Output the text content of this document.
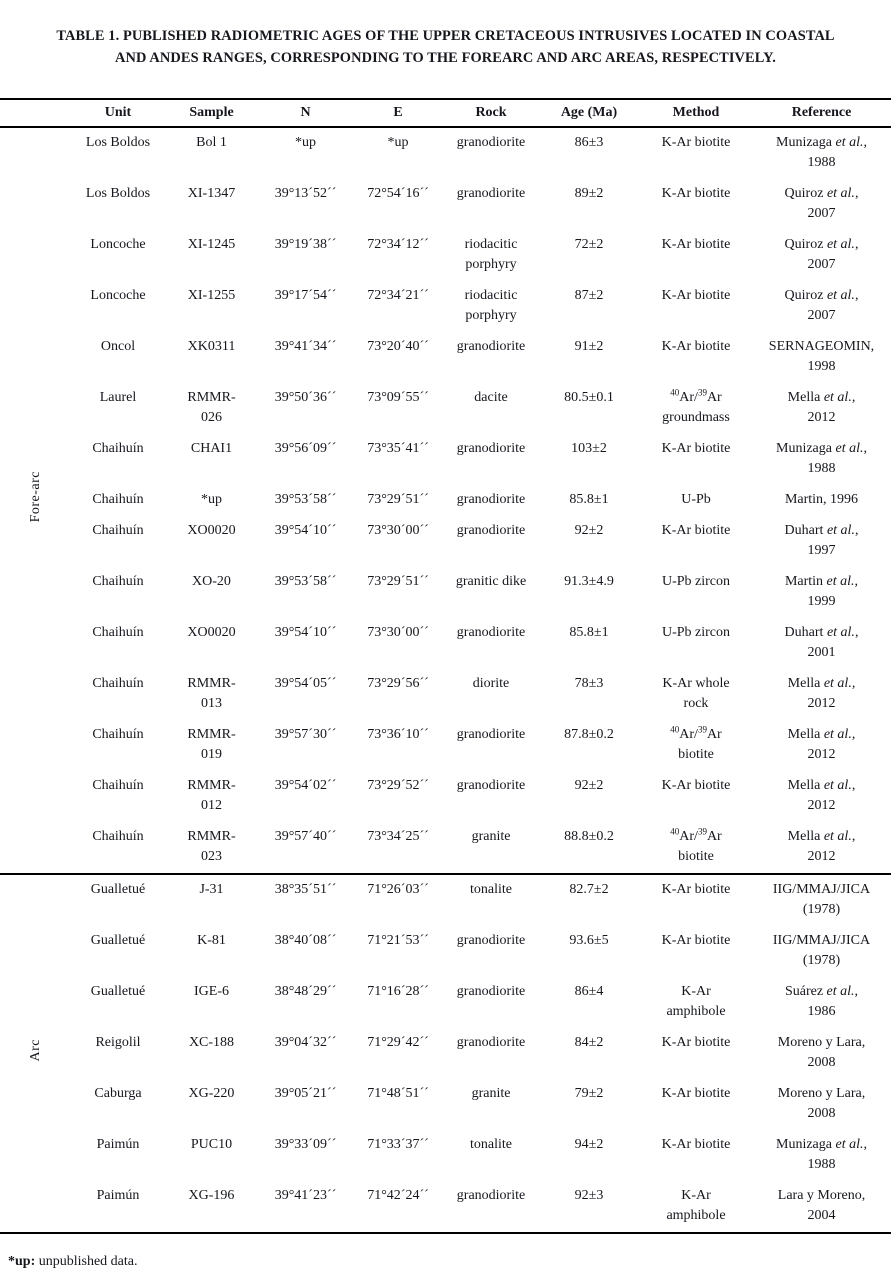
TABLE 1. PUBLISHED RADIOMETRIC AGES OF THE UPPER CRETACEOUS INTRUSIVES LOCATED IN COASTAL
AND ANDES RANGES, CORRESPONDING TO THE FOREARC AND ARC AREAS, RESPECTIVELY.
	Unit	Sample	N	E	Rock	Age (Ma)	Method	Reference
Fore-arc	Los Boldos	Bol 1	*up	*up	granodiorite	86±3	K-Ar biotite	Munizaga et al.,
1988
	Los Boldos	XI-1347	39°13´52´´	72°54´16´´	granodiorite	89±2	K-Ar biotite	Quiroz et al.,
2007
	Loncoche	XI-1245	39°19´38´´	72°34´12´´	riodacitic
porphyry	72±2	K-Ar biotite	Quiroz et al.,
2007
	Loncoche	XI-1255	39°17´54´´	72°34´21´´	riodacitic
porphyry	87±2	K-Ar biotite	Quiroz et al.,
2007
	Oncol	XK0311	39°41´34´´	73°20´40´´	granodiorite	91±2	K-Ar biotite	SERNAGEOMIN,
1998
	Laurel	RMMR-
026	39°50´36´´	73°09´55´´	dacite	80.5±0.1	$^{40}$Ar/$^{39}$Ar
groundmass	Mella et al.,
2012
	Chaihuín	CHAI1	39°56´09´´	73°35´41´´	granodiorite	103±2	K-Ar biotite	Munizaga et al.,
1988
	Chaihuín	*up	39°53´58´´	73°29´51´´	granodiorite	85.8±1	U-Pb	Martin, 1996
	Chaihuín	XO0020	39°54´10´´	73°30´00´´	granodiorite	92±2	K-Ar biotite	Duhart et al.,
1997
	Chaihuín	XO-20	39°53´58´´	73°29´51´´	granitic dike	91.3±4.9	U-Pb zircon	Martin et al.,
1999
	Chaihuín	XO0020	39°54´10´´	73°30´00´´	granodiorite	85.8±1	U-Pb zircon	Duhart et al.,
2001
	Chaihuín	RMMR-
013	39°54´05´´	73°29´56´´	diorite	78±3	K-Ar whole
rock	Mella et al.,
2012
	Chaihuín	RMMR-
019	39°57´30´´	73°36´10´´	granodiorite	87.8±0.2	$^{40}$Ar/$^{39}$Ar
biotite	Mella et al.,
2012
	Chaihuín	RMMR-
012	39°54´02´´	73°29´52´´	granodiorite	92±2	K-Ar biotite	Mella et al.,
2012
	Chaihuín	RMMR-
023	39°57´40´´	73°34´25´´	granite	88.8±0.2	$^{40}$Ar/$^{39}$Ar
biotite	Mella et al.,
2012
Arc	Gualletué	J-31	38°35´51´´	71°26´03´´	tonalite	82.7±2	K-Ar biotite	IIG/MMAJ/JICA
(1978)
	Gualletué	K-81	38°40´08´´	71°21´53´´	granodiorite	93.6±5	K-Ar biotite	IIG/MMAJ/JICA
(1978)
	Gualletué	IGE-6	38°48´29´´	71°16´28´´	granodiorite	86±4	K-Ar
amphibole	Suárez et al.,
1986
	Reigolil	XC-188	39°04´32´´	71°29´42´´	granodiorite	84±2	K-Ar biotite	Moreno y Lara,
2008
	Caburga	XG-220	39°05´21´´	71°48´51´´	granite	79±2	K-Ar biotite	Moreno y Lara,
2008
	Paimún	PUC10	39°33´09´´	71°33´37´´	tonalite	94±2	K-Ar biotite	Munizaga et al.,
1988
	Paimún	XG-196	39°41´23´´	71°42´24´´	granodiorite	92±3	K-Ar
amphibole	Lara y Moreno,
2004
*up: unpublished data.
